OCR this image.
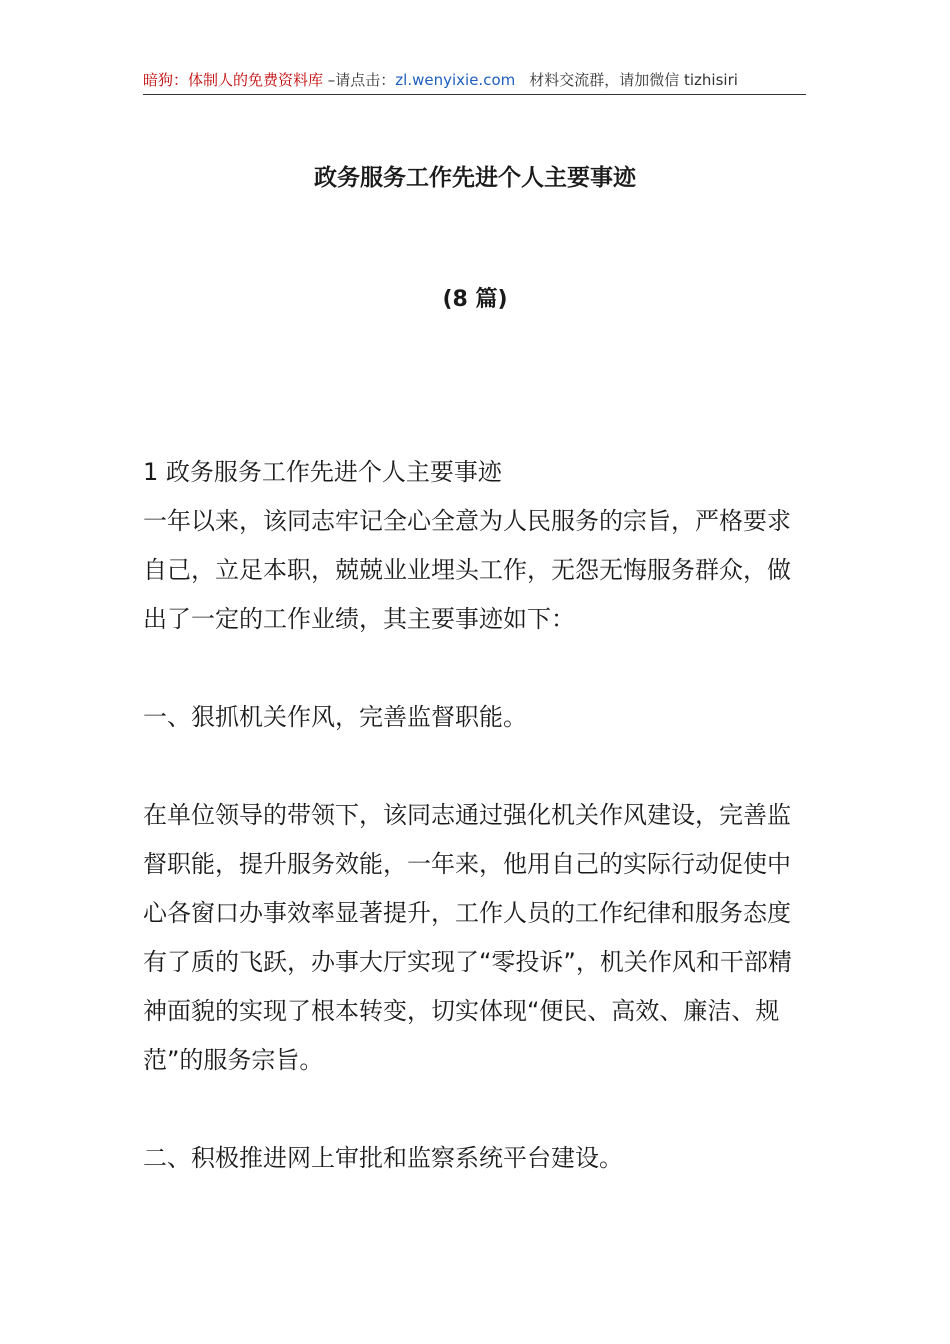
暗狗：体制人的免费资料库 –请点击：zl.wenyixie.com 材料交流群，请加微信 tizhisiri
政务服务工作先进个人主要事迹
(8 篇)

1 政务服务工作先进个人主要事迹

一年以来，该同志牢记全心全意为人民服务的宗旨，严格要求自己，立足本职，兢兢业业埋头工作，无怨无悔服务群众，做出了一定的工作业绩，其主要事迹如下：

一、狠抓机关作风，完善监督职能。

在单位领导的带领下，该同志通过强化机关作风建设，完善监督职能，提升服务效能，一年来，他用自己的实际行动促使中心各窗口办事效率显著提升，工作人员的工作纪律和服务态度有了质的飞跃，办事大厅实现了“零投诉”，机关作风和干部精神面貌的实现了根本转变，切实体现“便民、高效、廉洁、规范”的服务宗旨。

二、积极推进网上审批和监察系统平台建设。
